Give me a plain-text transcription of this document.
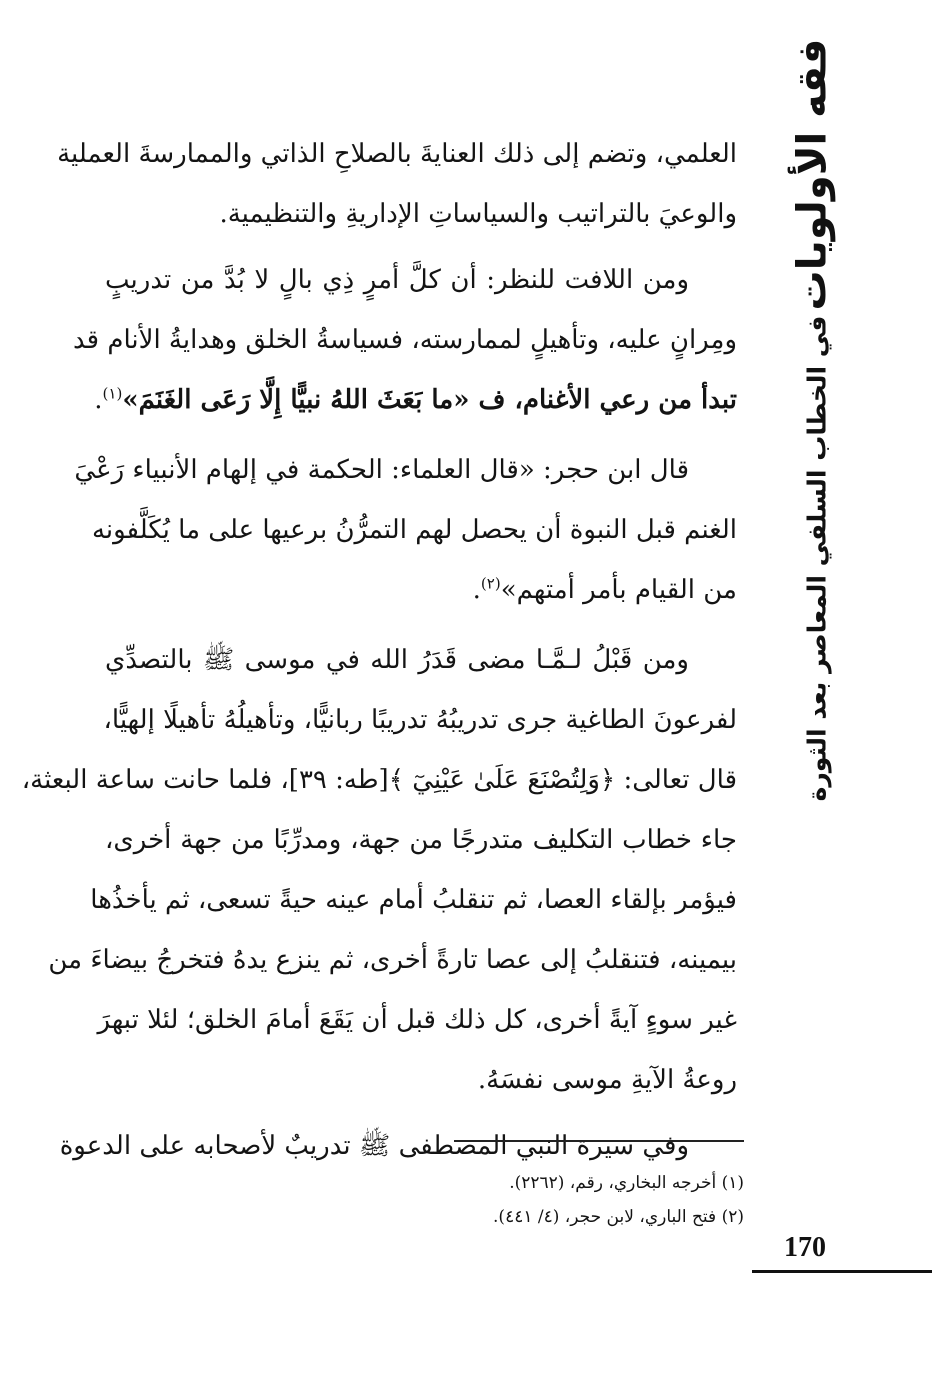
فقه الأولويات في الخطاب السلفي المعاصر بعد الثورة
العلمي، وتضم إلى ذلك العنايةَ بالصلاحِ الذاتي والممارسةَ العملية
والوعيَ بالتراتيب والسياساتِ الإداريةِ والتنظيمية.
ومن اللافت للنظر: أن كلَّ أمرٍ ذِي بالٍ لا بُدَّ من تدريبٍ
ومِرانٍ عليه، وتأهيلٍ لممارسته، فسياسةُ الخلق وهدايةُ الأنام قد
تبدأ من رعي الأغنام، ف «ما بَعَثَ اللهُ نبيًّا إِلَّا رَعَى الغَنَمَ»$^{(١)}$.
قال ابن حجر: «قال العلماء: الحكمة في إلهام الأنبياء رَعْيَ
الغنم قبل النبوة أن يحصل لهم التمرُّنُ برعيها على ما يُكَلَّفونه
من القيام بأمر أمتهم»$^{(٢)}$.
ومن قَبْلُ لـمَّـا مضى قَدَرُ الله في موسى ﷺ بالتصدِّي
لفرعونَ الطاغية جرى تدريبُهُ تدريبًا ربانيًّا، وتأهيلُهُ تأهيلًا إلهيًّا،
قال تعالى: ﴿وَلِتُصْنَعَ عَلَىٰ عَيْنِيٓ ﴾[طه: ٣٩]، فلما حانت ساعة البعثة،
جاء خطاب التكليف متدرجًا من جهة، ومدرِّبًا من جهة أخرى،
فيؤمر بإلقاء العصا، ثم تنقلبُ أمام عينه حيةً تسعى، ثم يأخذُها
بيمينه، فتنقلبُ إلى عصا تارةً أخرى، ثم ينزع يدهُ فتخرجُ بيضاءَ من
غير سوءٍ آيةً أخرى، كل ذلك قبل أن يَقَعَ أمامَ الخلق؛ لئلا تبهرَ
روعةُ الآيةِ موسى نفسَهُ.
وفي سيرة النبي المصطفى ﷺ تدريبٌ لأصحابه على الدعوة
(١) أخرجه البخاري، رقم، (٢٢٦٢).
(٢) فتح الباري، لابن حجر، (٤/ ٤٤١).
170
